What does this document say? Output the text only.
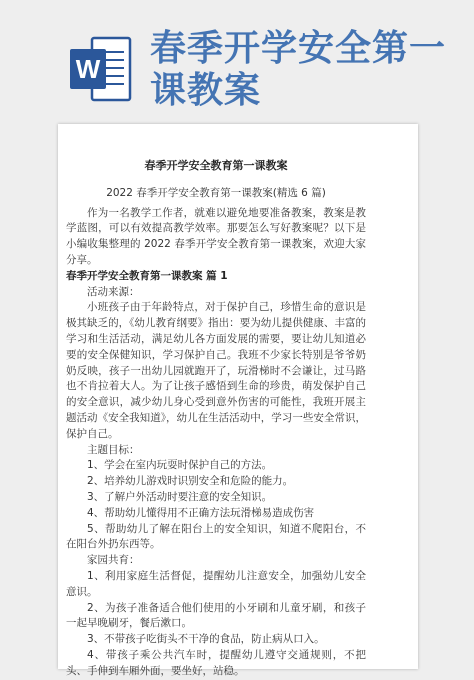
W 春季开学安全第一课教案
春季开学安全教育第一课教案
2022 春季开学安全教育第一课教案(精选 6 篇)
作为一名教学工作者，就难以避免地要准备教案，教案是教学蓝图，可以有效提高教学效率。那要怎么写好教案呢？以下是小编收集整理的 2022 春季开学安全教育第一课教案，欢迎大家分享。
春季开学安全教育第一课教案 篇 1
活动来源：
小班孩子由于年龄特点，对于保护自己，珍惜生命的意识是极其缺乏的，《幼儿教育纲要》指出：要为幼儿提供健康、丰富的学习和生活活动，满足幼儿各方面发展的需要，要让幼儿知道必要的安全保健知识，学习保护自己。我班不少家长特别是爷爷奶奶反映，孩子一出幼儿园就跑开了，玩滑梯时不会谦让，过马路也不肯拉着大人。为了让孩子感悟到生命的珍贵，萌发保护自己的安全意识，减少幼儿身心受到意外伤害的可能性，我班开展主题活动《安全我知道》，幼儿在生活活动中，学习一些安全常识，保护自己。
主题目标：
1、学会在室内玩耍时保护自己的方法。
2、培养幼儿游戏时识别安全和危险的能力。
3、了解户外活动时要注意的安全知识。
4、帮助幼儿懂得用不正确方法玩滑梯易造成伤害
5、帮助幼儿了解在阳台上的安全知识，知道不爬阳台，不在阳台外扔东西等。
家园共育：
1、利用家庭生活督促，提醒幼儿注意安全，加强幼儿安全意识。
2、为孩子准备适合他们使用的小牙刷和儿童牙刷，和孩子一起早晚刷牙，餐后漱口。
3、不带孩子吃街头不干净的食品，防止病从口入。
4、带孩子乘公共汽车时，提醒幼儿遵守交通规则，不把头、手伸到车厢外面，要坐好，站稳。
